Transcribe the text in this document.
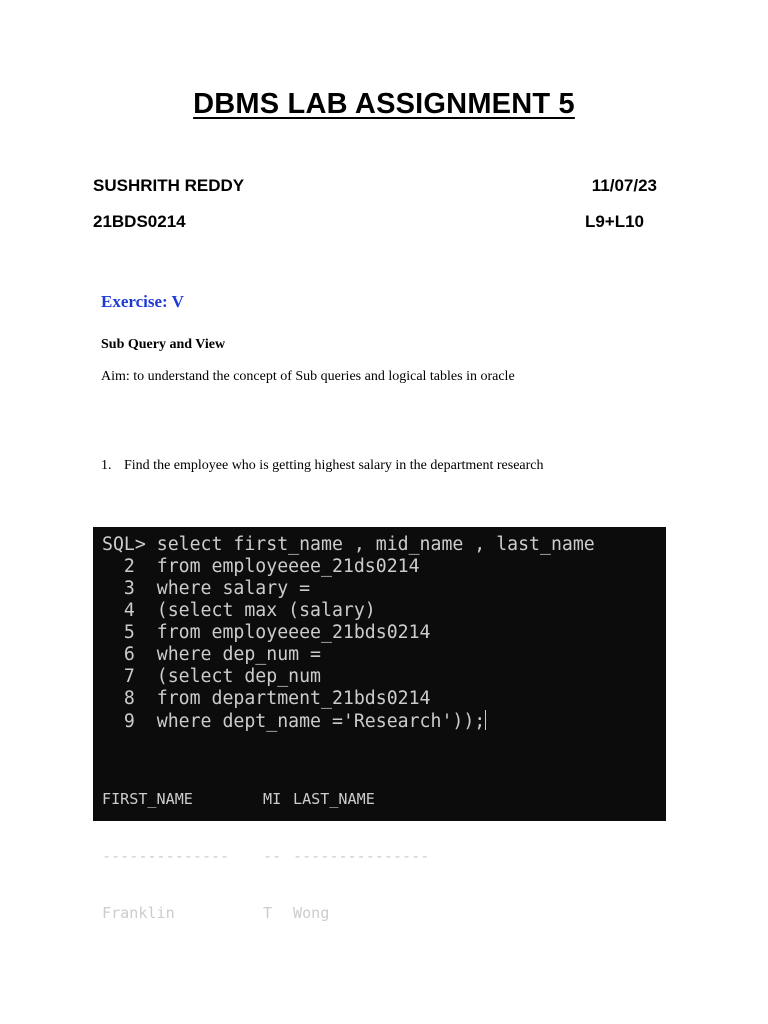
DBMS LAB ASSIGNMENT 5
SUSHRITH REDDY	11/07/23
21BDS0214	L9+L10
Exercise: V
Sub Query and View
Aim: to understand the concept of Sub queries and logical tables in oracle
1. Find the employee who is getting highest salary in the department research
SQL> select first_name , mid_name , last_name
2  from employeeee_21ds0214
3  where salary =
4  (select max (salary)
5  from employeeee_21bds0214
6  where dep_num =
7  (select dep_num
8  from department_21bds0214
9  where dept_name ='Research'));

FIRST_NAME	MI LAST_NAME

-------------- -- ---------------

Franklin	T Wong
